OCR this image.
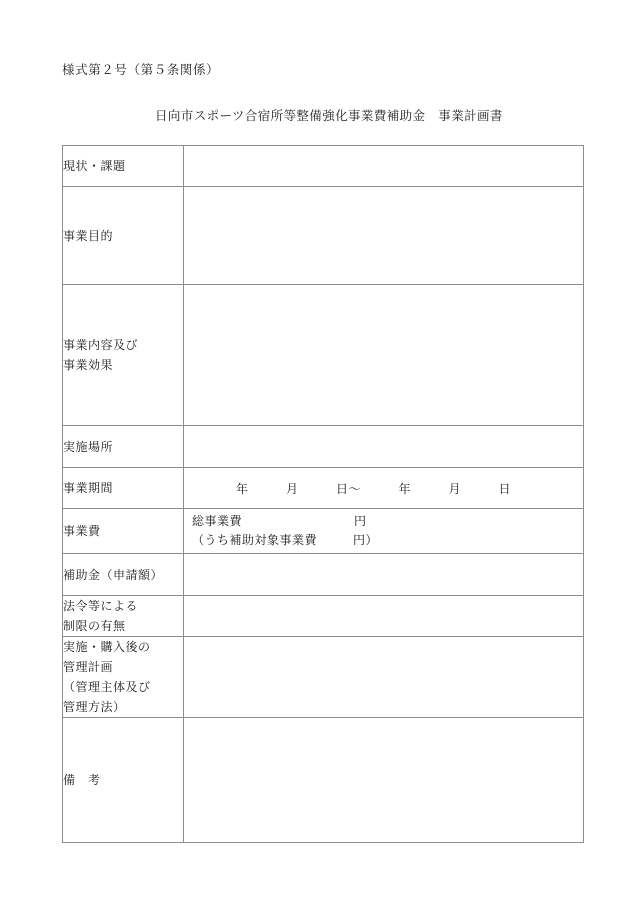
様式第２号（第５条関係）
日向市スポーツ合宿所等整備強化事業費補助金　事業計画書
現状・課題	

事業目的	

事業内容及び
事業効果	

実施場所	

事業期間	年　　　月　　　日～　　　年　　　月　　　日

事業費	総事業費 円
（うち補助対象事業費 円）

補助金（申請額）	

法令等による
制限の有無	

実施・購入後の
管理計画
（管理主体及び
管理方法）	

備　考	
